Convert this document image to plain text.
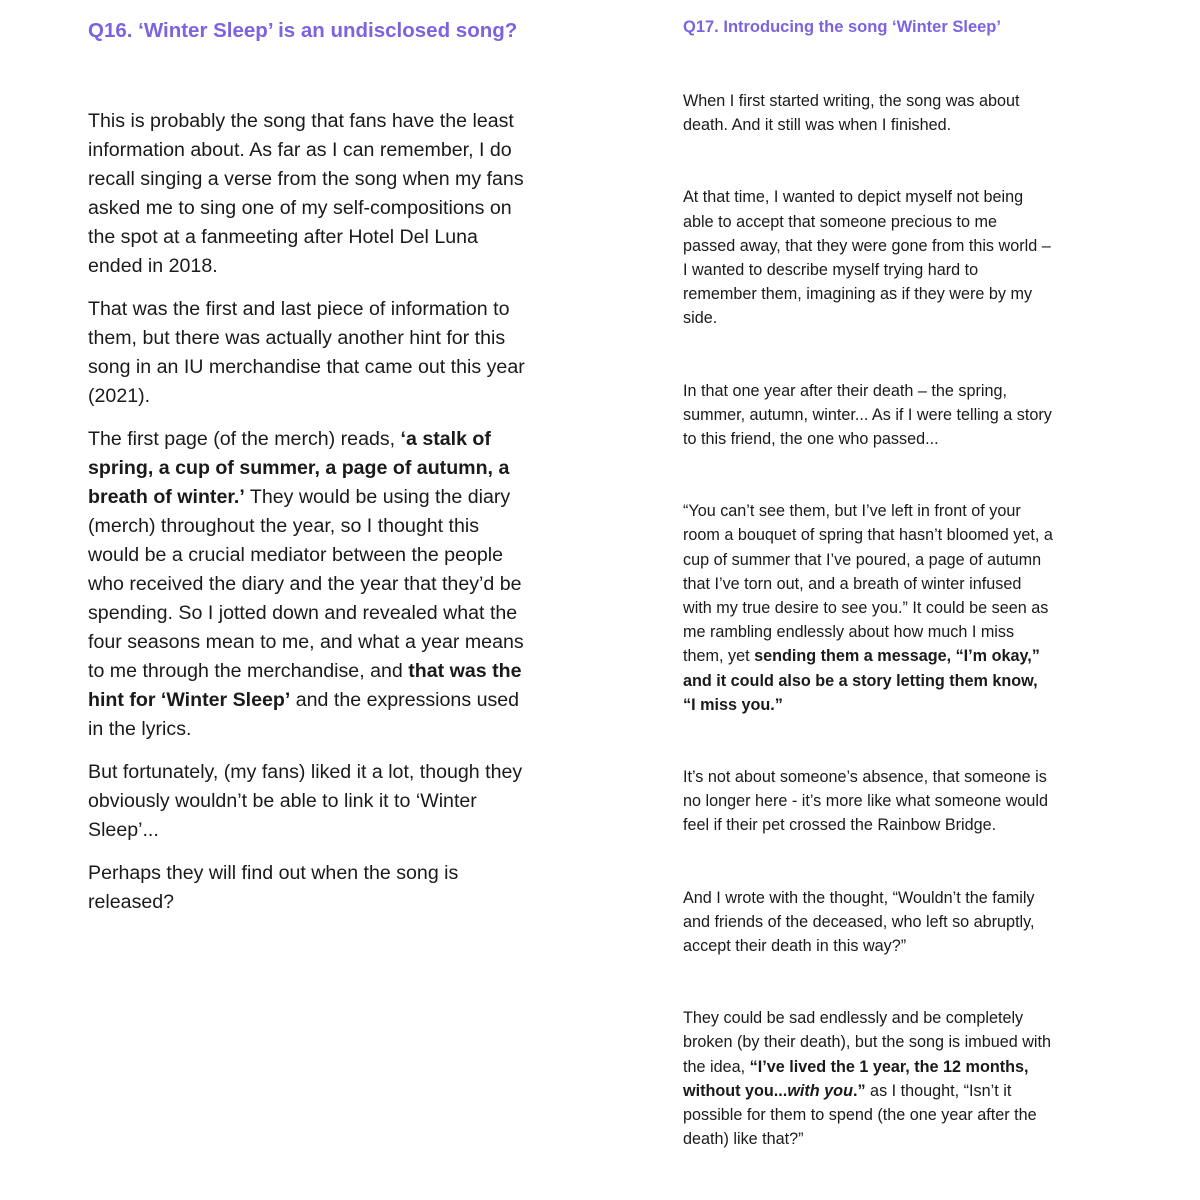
Q16. ‘Winter Sleep’ is an undisclosed song?

This is probably the song that fans have the least information about. As far as I can remember, I do recall singing a verse from the song when my fans asked me to sing one of my self-compositions on the spot at a fanmeeting after Hotel Del Luna ended in 2018.

That was the first and last piece of information to them, but there was actually another hint for this song in an IU merchandise that came out this year (2021).

The first page (of the merch) reads, ‘a stalk of spring, a cup of summer, a page of autumn, a breath of winter.’ They would be using the diary (merch) throughout the year, so I thought this would be a crucial mediator between the people who received the diary and the year that they’d be spending. So I jotted down and revealed what the four seasons mean to me, and what a year means to me through the merchandise, and that was the hint for ‘Winter Sleep’ and the expressions used in the lyrics.

But fortunately, (my fans) liked it a lot, though they obviously wouldn’t be able to link it to ‘Winter Sleep’...

Perhaps they will find out when the song is released?

Q17. Introducing the song ‘Winter Sleep’

When I first started writing, the song was about death. And it still was when I finished.

At that time, I wanted to depict myself not being able to accept that someone precious to me passed away, that they were gone from this world – I wanted to describe myself trying hard to remember them, imagining as if they were by my side.

In that one year after their death – the spring, summer, autumn, winter... As if I were telling a story to this friend, the one who passed...

“You can’t see them, but I’ve left in front of your room a bouquet of spring that hasn’t bloomed yet, a cup of summer that I’ve poured, a page of autumn that I’ve torn out, and a breath of winter infused with my true desire to see you.” It could be seen as me rambling endlessly about how much I miss them, yet sending them a message, “I’m okay,” and it could also be a story letting them know, “I miss you.”

It’s not about someone’s absence, that someone is no longer here - it’s more like what someone would feel if their pet crossed the Rainbow Bridge.

And I wrote with the thought, “Wouldn’t the family and friends of the deceased, who left so abruptly, accept their death in this way?”

They could be sad endlessly and be completely broken (by their death), but the song is imbued with the idea, “I’ve lived the 1 year, the 12 months, without you...with you.” as I thought, “Isn’t it possible for them to spend (the one year after the death) like that?”
